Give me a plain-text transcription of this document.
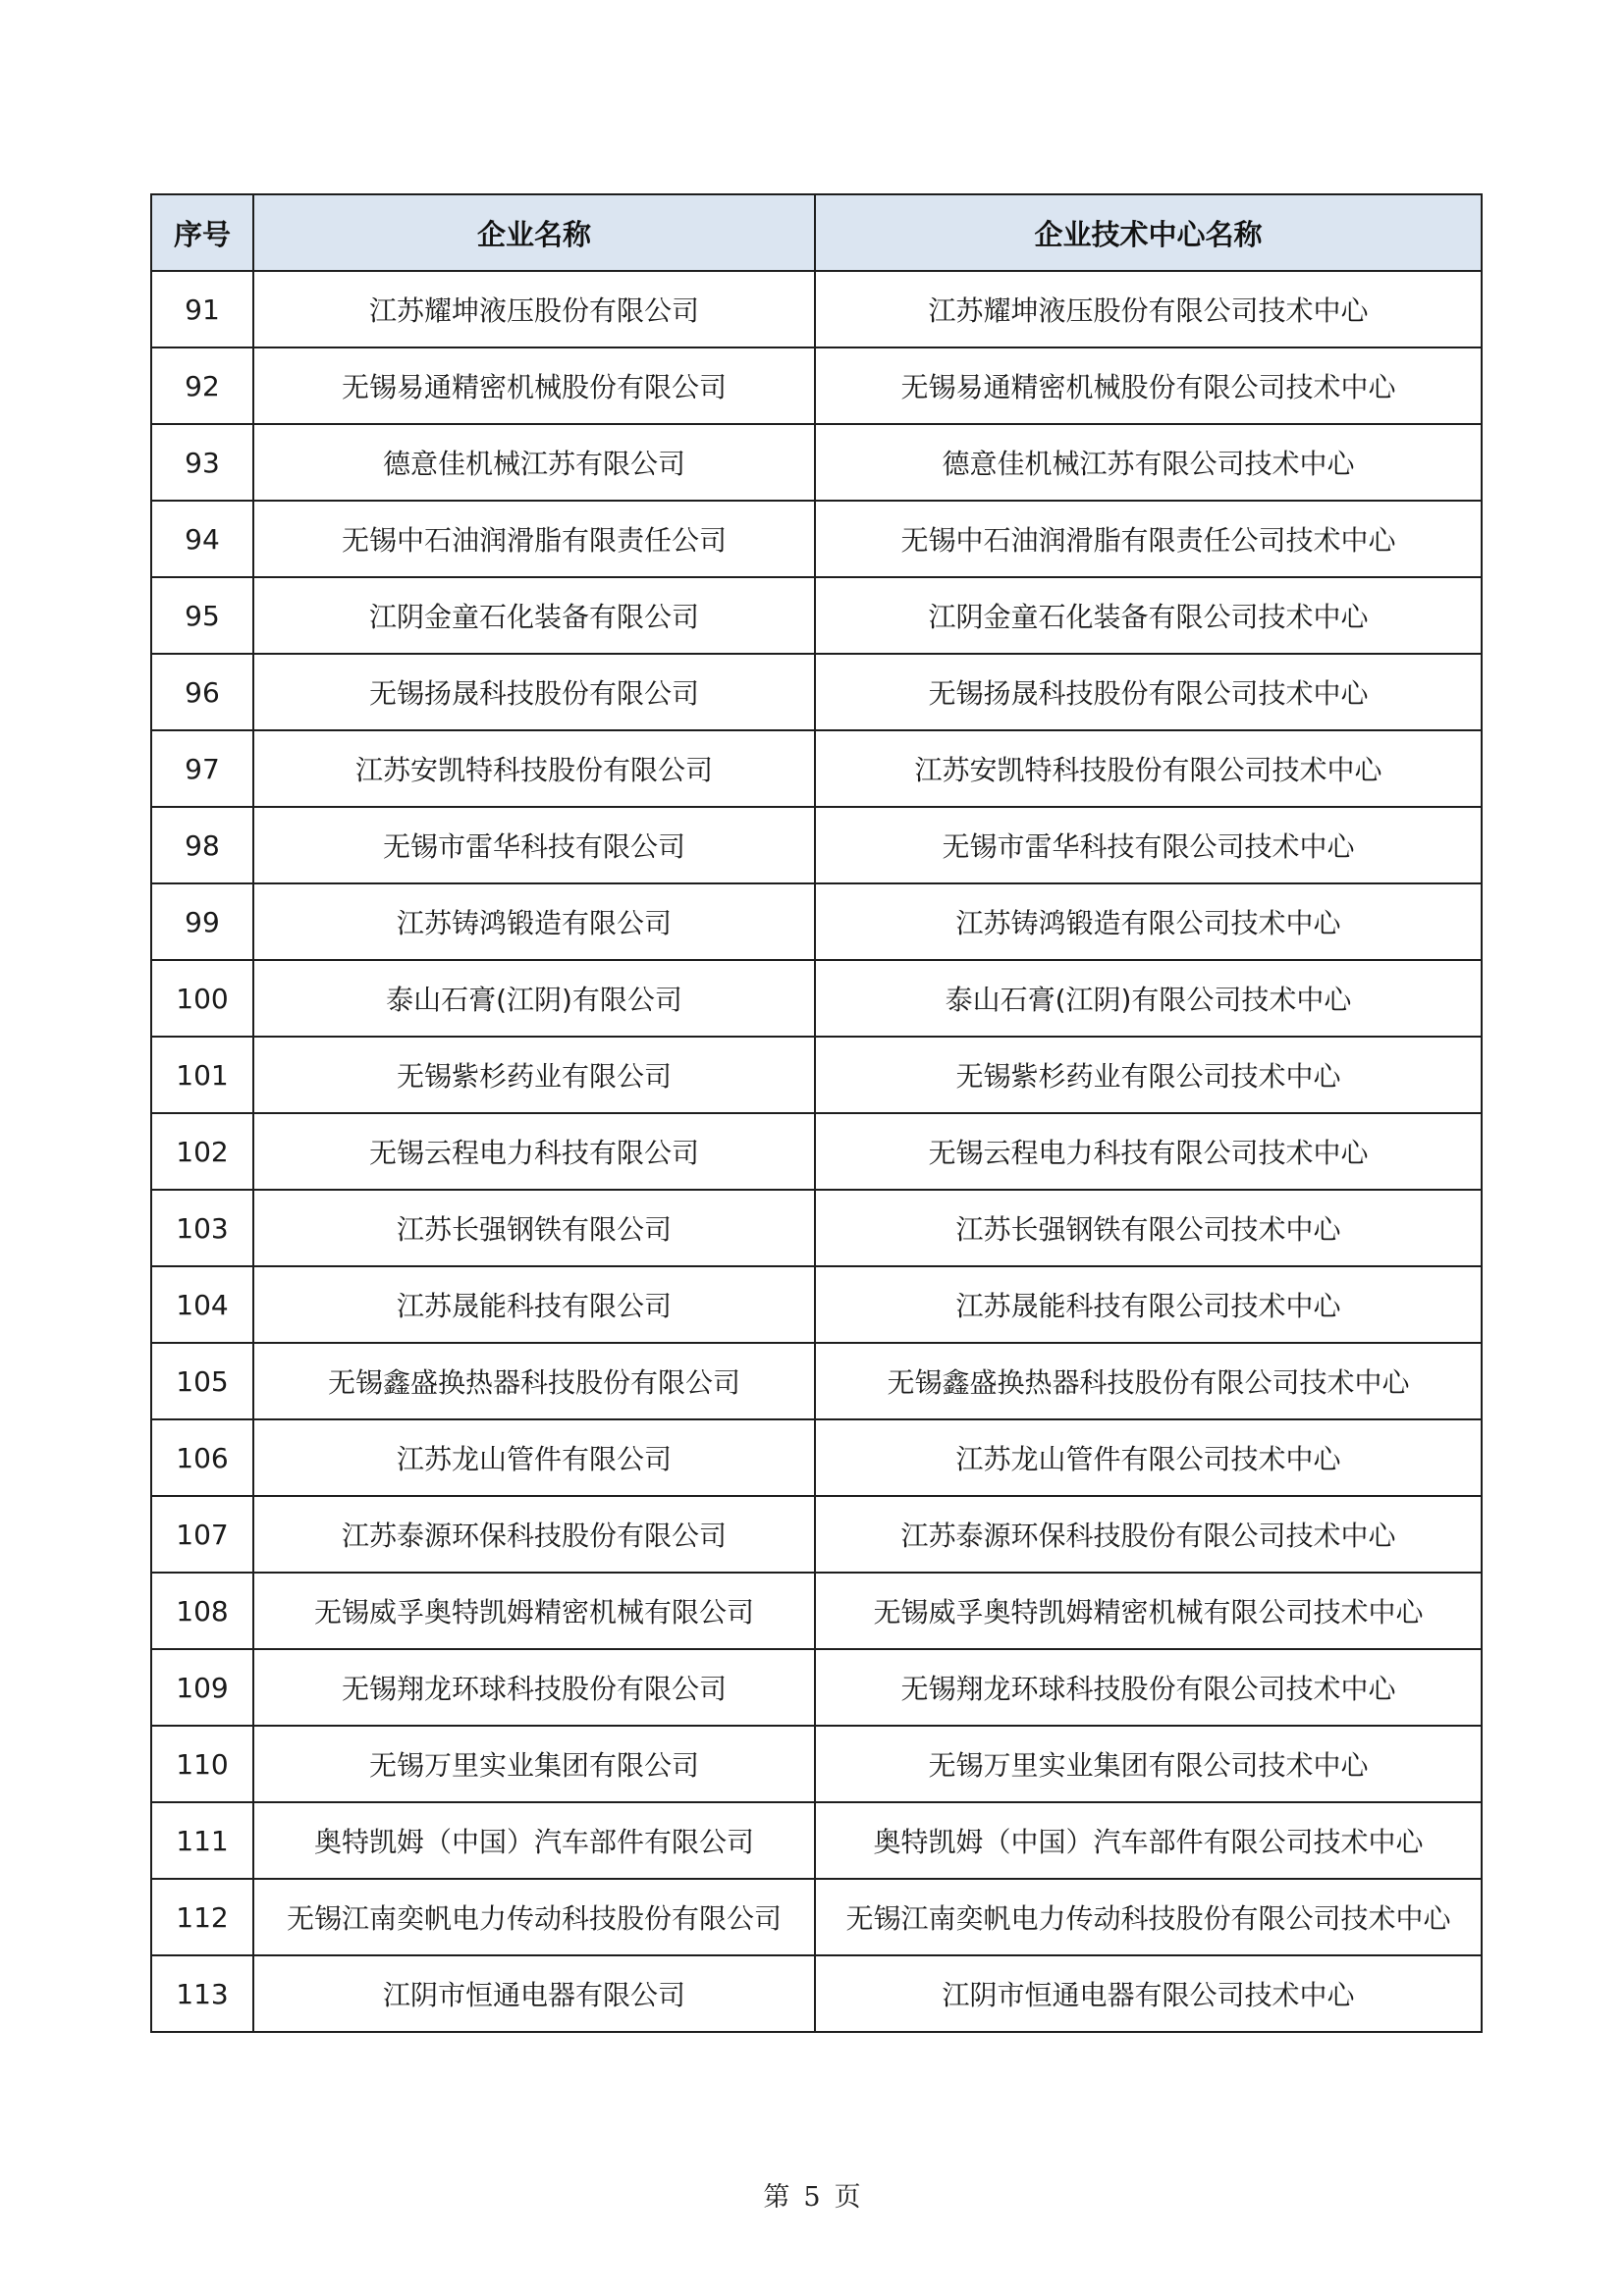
序号	企业名称	企业技术中心名称
91	江苏耀坤液压股份有限公司	江苏耀坤液压股份有限公司技术中心
92	无锡易通精密机械股份有限公司	无锡易通精密机械股份有限公司技术中心
93	德意佳机械江苏有限公司	德意佳机械江苏有限公司技术中心
94	无锡中石油润滑脂有限责任公司	无锡中石油润滑脂有限责任公司技术中心
95	江阴金童石化装备有限公司	江阴金童石化装备有限公司技术中心
96	无锡扬晟科技股份有限公司	无锡扬晟科技股份有限公司技术中心
97	江苏安凯特科技股份有限公司	江苏安凯特科技股份有限公司技术中心
98	无锡市雷华科技有限公司	无锡市雷华科技有限公司技术中心
99	江苏铸鸿锻造有限公司	江苏铸鸿锻造有限公司技术中心
100	泰山石膏(江阴)有限公司	泰山石膏(江阴)有限公司技术中心
101	无锡紫杉药业有限公司	无锡紫杉药业有限公司技术中心
102	无锡云程电力科技有限公司	无锡云程电力科技有限公司技术中心
103	江苏长强钢铁有限公司	江苏长强钢铁有限公司技术中心
104	江苏晟能科技有限公司	江苏晟能科技有限公司技术中心
105	无锡鑫盛换热器科技股份有限公司	无锡鑫盛换热器科技股份有限公司技术中心
106	江苏龙山管件有限公司	江苏龙山管件有限公司技术中心
107	江苏泰源环保科技股份有限公司	江苏泰源环保科技股份有限公司技术中心
108	无锡威孚奥特凯姆精密机械有限公司	无锡威孚奥特凯姆精密机械有限公司技术中心
109	无锡翔龙环球科技股份有限公司	无锡翔龙环球科技股份有限公司技术中心
110	无锡万里实业集团有限公司	无锡万里实业集团有限公司技术中心
111	奥特凯姆（中国）汽车部件有限公司	奥特凯姆（中国）汽车部件有限公司技术中心
112	无锡江南奕帆电力传动科技股份有限公司	无锡江南奕帆电力传动科技股份有限公司技术中心
113	江阴市恒通电器有限公司	江阴市恒通电器有限公司技术中心
第 5 页
